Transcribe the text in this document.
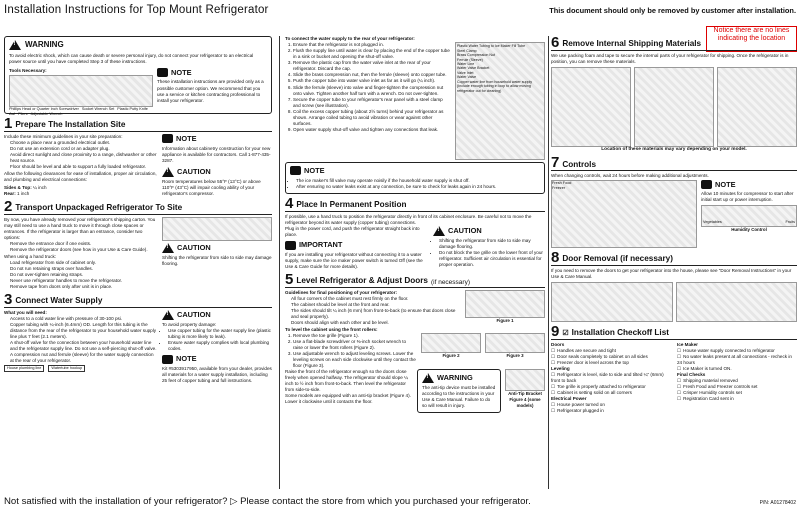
Installation Instructions for Top Mount Refrigerator	This document should only be removed by customer after installation.
Notice there are no lines indicating the location
!
WARNING
To avoid electric shock, which can cause death or severe personal injury, do not connect your refrigerator to an electrical power source until you have completed Step 3 of these instructions.
Tools Necessary:
Phillips Head or Quarter Inch Screwdriver Socket Wrench Set Plastic Putty Knife
Awl Pliers Adjustable Wrench
NOTE
These installation instructions are provided only as a possible customer option. We recommend that you use a service or kitchen contracting professional to install your refrigerator.
1 Prepare The Installation Site
Include these minimum guidelines in your site preparation:
• Choose a place near a grounded electrical outlet.
• Do not use an extension cord or an adapter plug.
• Avoid direct sunlight and close proximity to a range, dishwasher or other heat source.
• Floor should be level and able to support a fully loaded refrigerator.
Allow the following clearances for ease of installation, proper air circulation, and plumbing and electrical connections:
Sides & Top: ¼ inch
Rear: 1 inch
NOTE
Information about cabinetry construction for your new appliance is available for contractors. Call 1-877-435-3287.
!
CAUTION
Room temperatures below 55°F (13°C) or above 110°F (43°C) will impair cooling ability of your refrigerator's compressor.
2 Transport Unpackaged Refrigerator To Site
By now, you have already removed your refrigerator's shipping carton. You may still need to use a hand truck to move it through close spaces or entrances. If the refrigerator is larger than an entrance, consider two options:
• Remove the entrance door if one exists.
• Remove the refrigerator doors (see how in your Use & Care Guide).
When using a hand truck:
• Load refrigerator from side of cabinet only.
• Do not run retaining straps over handles.
• Do not over-tighten retaining straps.
• Never use refrigerator handles to move the refrigerator.
• Remove tape from doors only after unit is in place.
!
CAUTION
Shifting the refrigerator from side to side may damage flooring.
3 Connect Water Supply
What you will need:
• Access to a cold water line with pressure of 30-100 psi.
• Copper tubing with ¼-inch (6.4mm) OD. Length for this tubing is the distance from the rear of the refrigerator to your household water supply line plus 7 feet (2.1 meters).
• A shut-off valve for the connection between your household water line and the refrigerator supply line. Do not use a self-piercing shut-off valve.
• A compression nut and ferrule (sleeve) for the water supply connection at the rear of your refrigerator.
House plumbing line	Watertube hookup
!
CAUTION
To avoid property damage:
• Use copper tubing for the water supply line (plastic tubing is more likely to leak).
• Ensure water supply complies with local plumbing codes.
NOTE
Kit #5303917950, available from your dealer, provides all materials for a water supply installation, including 25 feet of copper tubing and full instructions.
To connect the water supply to the rear of your refrigerator:
1. Ensure that the refrigerator is not plugged in.
2. Flush the supply line until water is clear by placing the end of the copper tube in a sink or bucket and opening the shut-off valve.
3. Remove the plastic cap from the water valve inlet at the rear of your refrigerator. Discard the cap.
4. Slide the brass compression nut, then the ferrule (sleeve) onto copper tube.
5. Push the copper tube into water valve inlet as far as it will go (¼ inch).
6. Slide the ferrule (sleeve) into valve and finger-tighten the compression nut onto valve. Tighten another half turn with a wrench. Do not over-tighten.
7. Secure the copper tube to your refrigerator's rear panel with a steel clamp and screw (see illustration).
8. Coil the excess copper tubing (about 2½ turns) behind your refrigerator as shown. Arrange coiled tubing to avoid vibration or wear against other surfaces.
9. Open water supply shut-off valve and tighten any connections that leak.
Plastic Water Tubing to Ice Maker Fill Tube
Steel Clamp
Brass Compression Nut
Ferrule (Sleeve)
Water Line
Water Valve Bracket
Valve Inlet
Water Valve
Copper water line from household water supply
(Include enough tubing in loop to allow moving refrigerator out for cleaning)
NOTE
• The ice maker's fill valve may operate noisily if the household water supply is shut off.
• After ensuring no water leaks exist at any connection, be sure to check for leaks again in 24 hours.
4 Place In Permanent Position
If possible, use a hand truck to position the refrigerator directly in front of its cabinet enclosure. Be careful not to move the refrigerator beyond its water supply (copper tubing) connections.
Plug in the power cord, and push the refrigerator straight back into place.
IMPORTANT
If you are installing your refrigerator without connecting it to a water supply, make sure the ice maker power switch is turned Off (see the Use & Care Guide for more details).
!
CAUTION
• Shifting the refrigerator from side to side may damage flooring.
• Do not block the toe grille on the lower front of your refrigerator. Sufficient air circulation is essential for proper operation.
5 Level Refrigerator & Adjust Doors (if necessary)
Guidelines for final positioning of your refrigerator:
• All four corners of the cabinet must rest firmly on the floor.
• The cabinet should be level at the front and rear.
• The sides should tilt ¼ inch (6 mm) from front-to-back (to ensure that doors close and seal properly).
• Doors should align with each other and be level.	Figure 1
To level the cabinet using the front rollers:
1. Remove the toe grille (Figure 1).
2. Use a flat-blade screwdriver or ⅜-inch socket wrench to raise or lower the front rollers (Figure 2).
3. Use adjustable wrench to adjust leveling screws. Lower the leveling screws on each side clockwise until they contact the floor (Figure 3).
Figure 2	Figure 3
Raise the front of the refrigerator enough so the doors close freely when opened halfway. The refrigerator should slope ¼ inch to ½ inch from front-to-back. Then level the refrigerator from side-to-side.
Some models are equipped with an anti-tip bracket (Figure 4). Lower it clockwise until it contacts the floor.
!
WARNING
The anti-tip device must be installed according to the instructions in your Use & Care Manual. Failure to do so will result in injury.
Anti-Tip Bracket
Figure 4 (some models)
6 Remove Internal Shipping Materials
We use packing foam and tape to secure the internal parts of your refrigerator for shipping. Once the refrigerator is in position, you can remove these materials.
Location of these materials may vary depending on your model.
7 Controls
When changing controls, wait 24 hours before making additional adjustments.
Fresh Food
Freezer	NOTE
Allow 10 minutes for compressor to start after initial start up or power interruption.
Vegetables	Fruits
Humidity Control
8 Door Removal (if necessary)
If you need to remove the doors to get your refrigerator into the house, please see "Door Removal Instructions" in your Use & Care Manual.
9 ☑ Installation Checkoff List
Doors
☐ Handles are secure and tight
☐ Door seals completely to cabinet on all sides
☐ Freezer door is level across the top
Leveling
☐ Refrigerator is level, side to side and tilted ¼" (6mm) front to back
☐ Toe grille is properly attached to refrigerator
☐ Cabinet is setting solid on all corners
Electrical Power
☐ House power turned on
☐ Refrigerator plugged in
Ice Maker
☐ House water supply connected to refrigerator
☐ No water leaks present at all connections - recheck in 24 hours
☐ Ice Maker is turned ON.
Final Checks
☐ Shipping material removed
☐ Fresh Food and Freezer controls set
☐ Crisper Humidity controls set
☐ Registration Card sent in
Not satisfied with the installation of your refrigerator? ▷ Please contact the store from which you purchased your refrigerator.	P/N: A01278402
